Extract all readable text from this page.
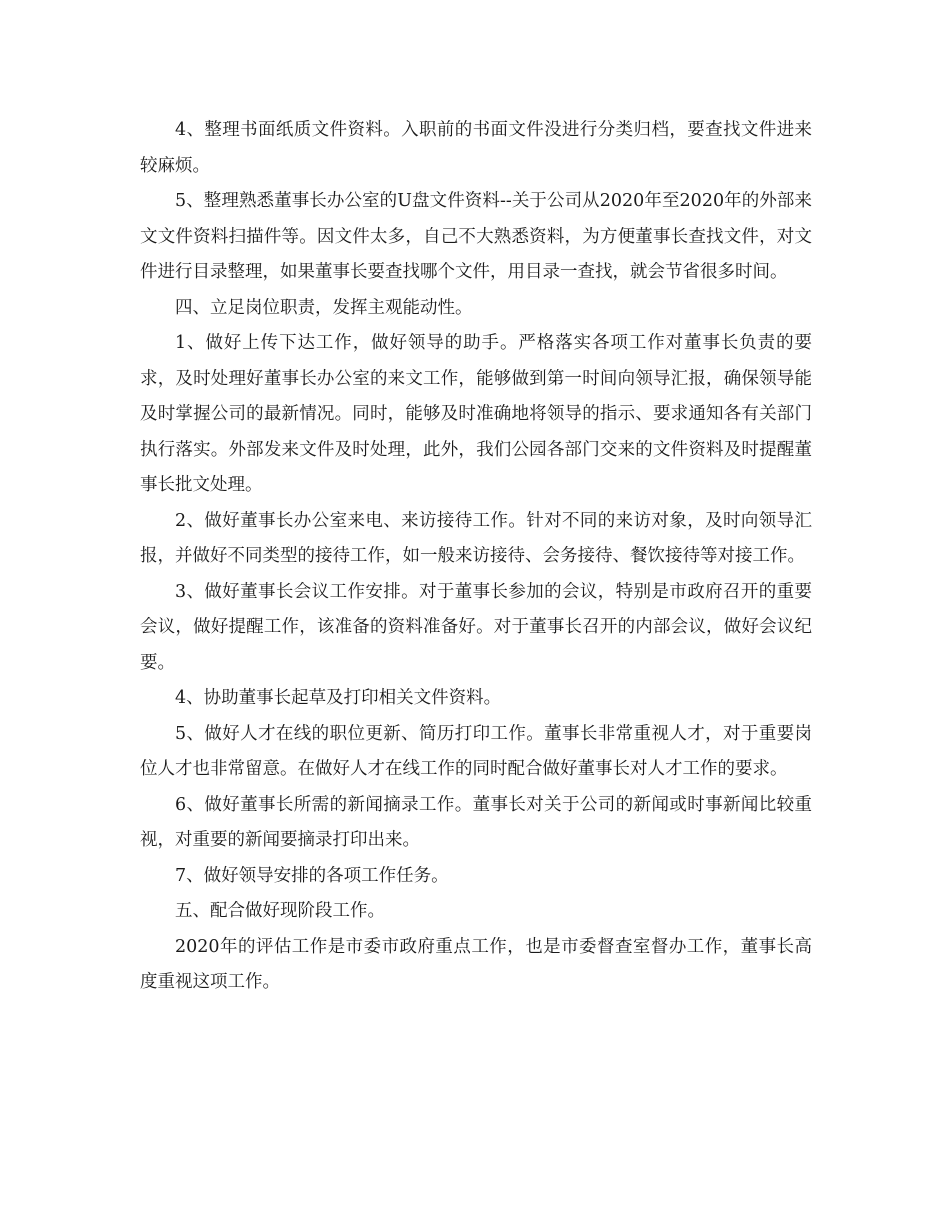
4、整理书面纸质文件资料。入职前的书面文件没进行分类归档，要查找文件进来较麻烦。

5、整理熟悉董事长办公室的U盘文件资料--关于公司从2020年至2020年的外部来文文件资料扫描件等。因文件太多，自己不大熟悉资料，为方便董事长查找文件，对文件进行目录整理，如果董事长要查找哪个文件，用目录一查找，就会节省很多时间。

四、立足岗位职责，发挥主观能动性。

1、做好上传下达工作，做好领导的助手。严格落实各项工作对董事长负责的要求，及时处理好董事长办公室的来文工作，能够做到第一时间向领导汇报，确保领导能及时掌握公司的最新情况。同时，能够及时准确地将领导的指示、要求通知各有关部门执行落实。外部发来文件及时处理，此外，我们公园各部门交来的文件资料及时提醒董事长批文处理。

2、做好董事长办公室来电、来访接待工作。针对不同的来访对象，及时向领导汇报，并做好不同类型的接待工作，如一般来访接待、会务接待、餐饮接待等对接工作。

3、做好董事长会议工作安排。对于董事长参加的会议，特别是市政府召开的重要会议，做好提醒工作，该准备的资料准备好。对于董事长召开的内部会议，做好会议纪要。

4、协助董事长起草及打印相关文件资料。

5、做好人才在线的职位更新、简历打印工作。董事长非常重视人才，对于重要岗位人才也非常留意。在做好人才在线工作的同时配合做好董事长对人才工作的要求。

6、做好董事长所需的新闻摘录工作。董事长对关于公司的新闻或时事新闻比较重视，对重要的新闻要摘录打印出来。

7、做好领导安排的各项工作任务。

五、配合做好现阶段工作。

2020年的评估工作是市委市政府重点工作，也是市委督查室督办工作，董事长高度重视这项工作。
